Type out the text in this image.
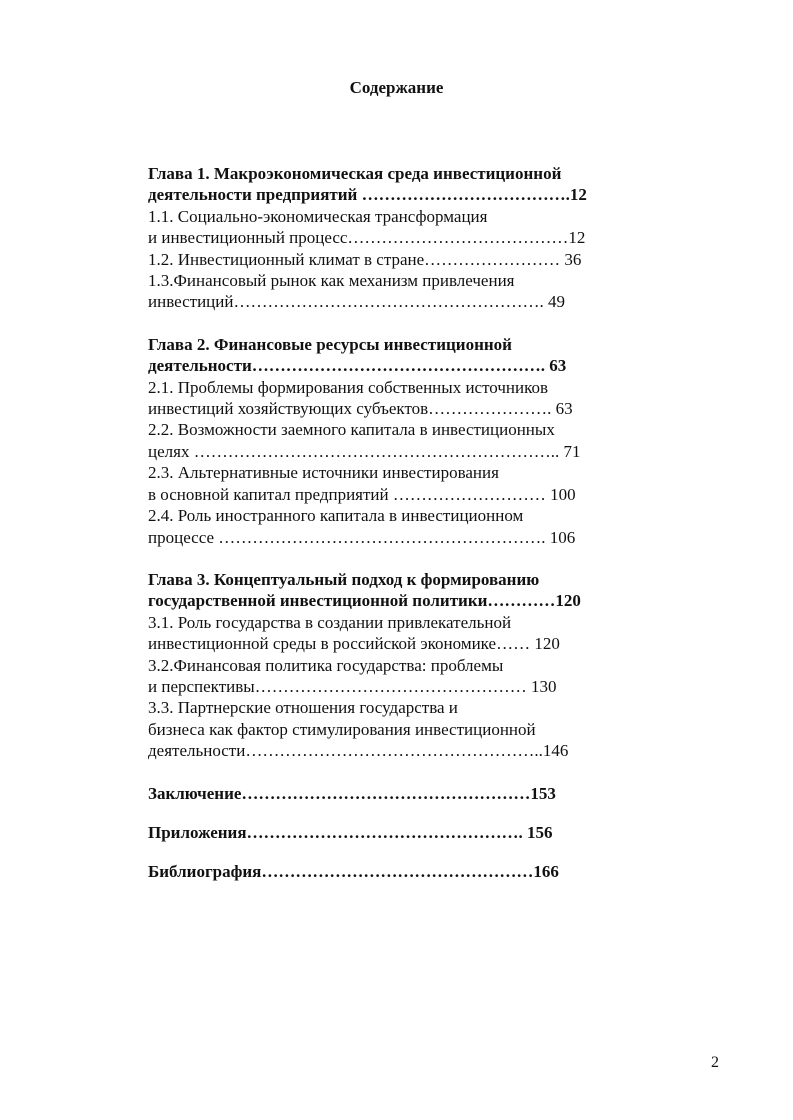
Содержание
Глава 1. Макроэкономическая среда инвестиционной
деятельности предприятий ……………………………….12
1.1. Социально-экономическая трансформация
и инвестиционный процесс…………………………………12
1.2. Инвестиционный климат в стране…………………… 36
1.3.Финансовый рынок как механизм привлечения
инвестиций………………………………………………. 49
Глава 2. Финансовые ресурсы инвестиционной
деятельности……………………………………………. 63
2.1. Проблемы формирования собственных источников
инвестиций хозяйствующих субъектов…………………. 63
2.2. Возможности заемного капитала в инвестиционных
целях ……………………………………………………….. 71
2.3. Альтернативные источники инвестирования
в основной капитал предприятий ……………………… 100
2.4. Роль иностранного капитала в инвестиционном
процессе …………………………………………………. 106
Глава 3. Концептуальный подход к формированию
государственной инвестиционной политики…………120
3.1. Роль государства в создании привлекательной
инвестиционной среды в российской экономике…… 120
3.2.Финансовая политика государства: проблемы
и перспективы………………………………………… 130
3.3. Партнерские отношения государства и
бизнеса как фактор стимулирования инвестиционной
деятельности……………………………………………..146
Заключение……………………………………………153
Приложения…………………………………………. 156
Библиография…………………………………………166
2
